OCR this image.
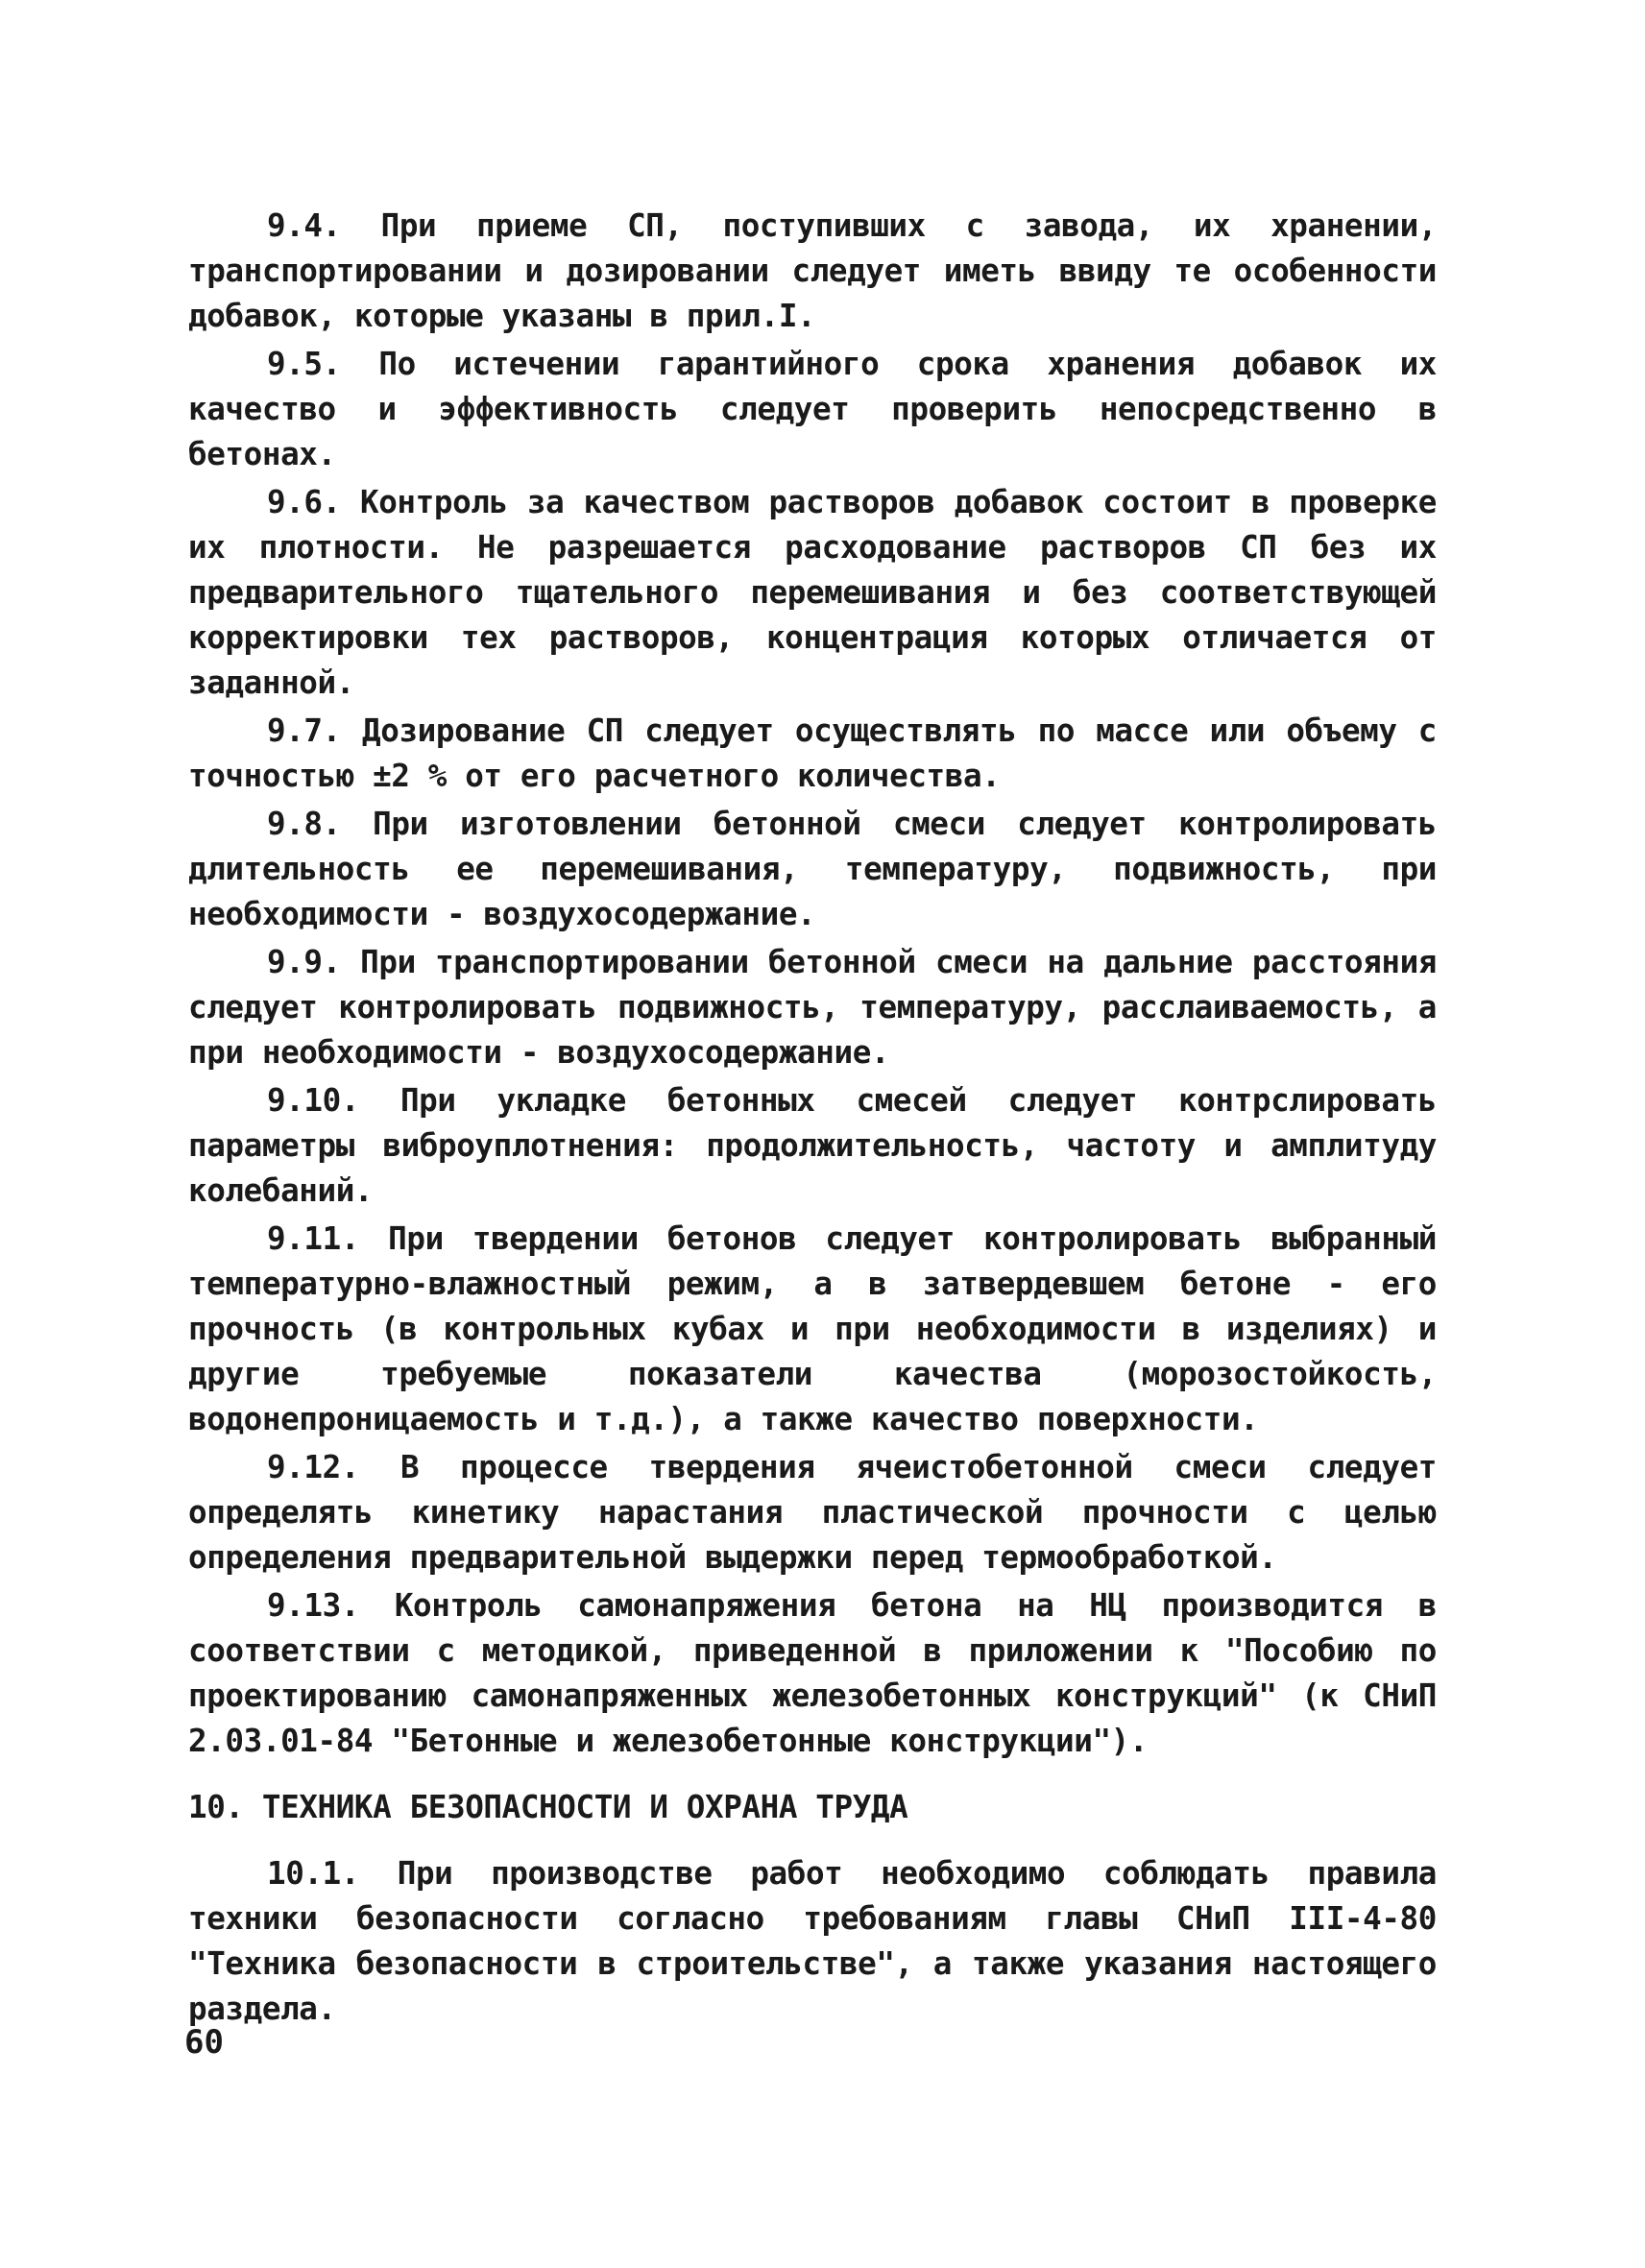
9.4. При приеме СП, поступивших с завода, их хранении, транспортировании и дозировании следует иметь ввиду те особенности добавок, которые указаны в прил.I.

9.5. По истечении гарантийного срока хранения добавок их качество и эффективность следует проверить непосредственно в бетонах.

9.6. Контроль за качеством растворов добавок состоит в проверке их плотности. Не разрешается расходование растворов СП без их предварительного тщательного перемешивания и без соответствующей корректировки тех растворов, концентрация которых отличается от заданной.

9.7. Дозирование СП следует осуществлять по массе или объему с точностью ±2 % от его расчетного количества.

9.8. При изготовлении бетонной смеси следует контролировать длительность ее перемешивания, температуру, подвижность, при необходимости - воздухосодержание.

9.9. При транспортировании бетонной смеси на дальние расстояния следует контролировать подвижность, температуру, расслаиваемость, а при необходимости - воздухосодержание.

9.10. При укладке бетонных смесей следует контрслировать параметры виброуплотнения: продолжительность, частоту и амплитуду колебаний.

9.11. При твердении бетонов следует контролировать выбранный температурно-влажностный режим, а в затвердевшем бетоне - его прочность (в контрольных кубах и при необходимости в изделиях) и другие требуемые показатели качества (морозостойкость, водонепроницаемость и т.д.), а также качество поверхности.

9.12. В процессе твердения ячеистобетонной смеси следует определять кинетику нарастания пластической прочности с целью определения предварительной выдержки перед термообработкой.

9.13. Контроль самонапряжения бетона на НЦ производится в соответствии с методикой, приведенной в приложении к "Пособию по проектированию самонапряженных железобетонных конструкций" (к СНиП 2.03.01-84 "Бетонные и железобетонные конструкции").

10. ТЕХНИКА БЕЗОПАСНОСТИ И ОХРАНА ТРУДА

10.1. При производстве работ необходимо соблюдать правила техники безопасности согласно требованиям главы СНиП III-4-80 "Техника безопасности в строительстве", а также указания настоящего раздела.

60
